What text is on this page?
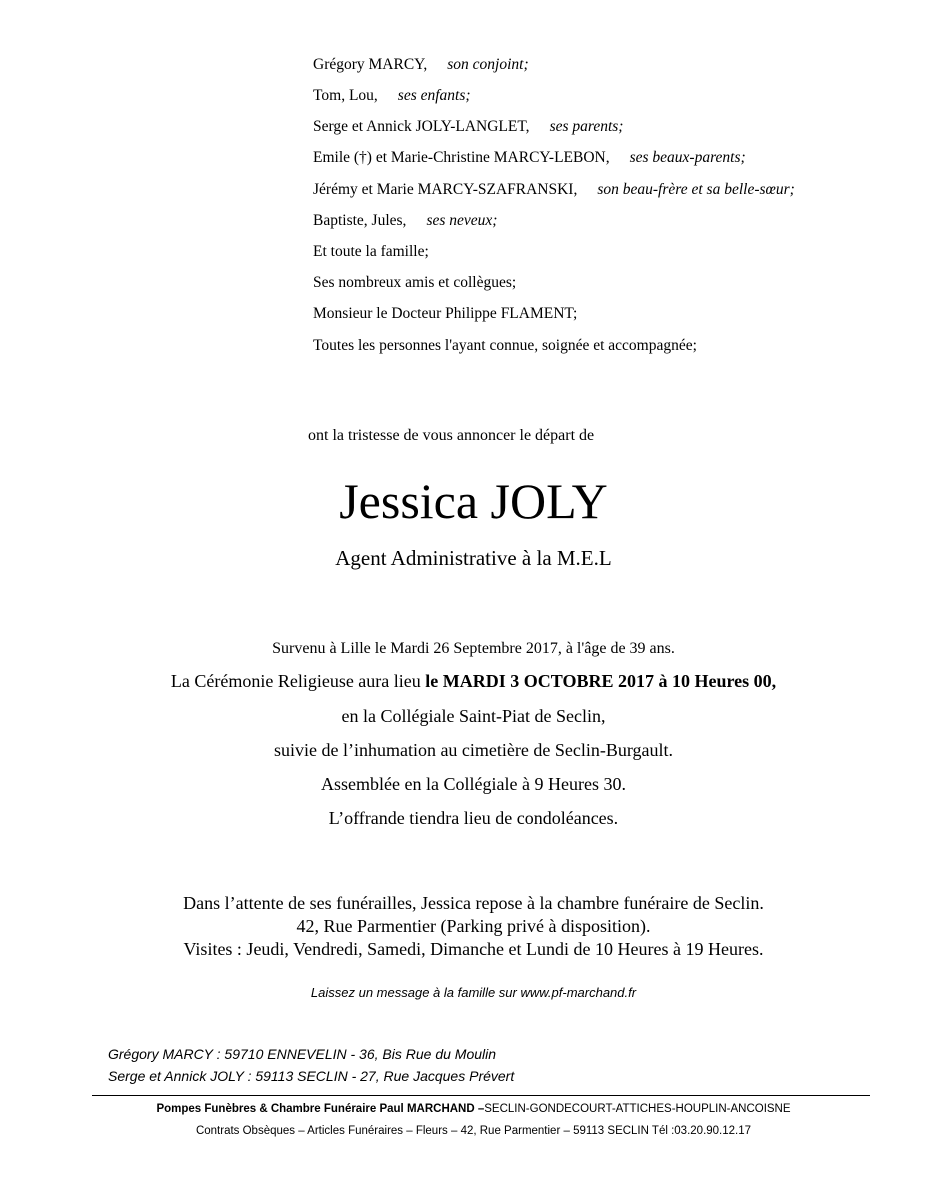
Grégory MARCY, son conjoint;
Tom, Lou, ses enfants;
Serge et Annick JOLY-LANGLET, ses parents;
Emile (†) et Marie-Christine MARCY-LEBON, ses beaux-parents;
Jérémy et Marie MARCY-SZAFRANSKI, son beau-frère et sa belle-sœur;
Baptiste, Jules, ses neveux;
Et toute la famille;
Ses nombreux amis et collègues;
Monsieur le Docteur Philippe FLAMENT;
Toutes les personnes l'ayant connue, soignée et accompagnée;
ont la tristesse de vous annoncer le départ de
Jessica JOLY
Agent Administrative à la M.E.L
Survenu à Lille le Mardi 26 Septembre 2017, à l'âge de 39 ans.
La Cérémonie Religieuse aura lieu le MARDI 3 OCTOBRE 2017 à 10 Heures 00,
en la Collégiale Saint-Piat de Seclin,
suivie de l’inhumation au cimetière de Seclin-Burgault.
Assemblée en la Collégiale à 9 Heures 30.
L’offrande tiendra lieu de condoléances.
Dans l’attente de ses funérailles, Jessica repose à la chambre funéraire de Seclin.
42, Rue Parmentier (Parking privé à disposition).
Visites : Jeudi, Vendredi, Samedi, Dimanche et Lundi de 10 Heures à 19 Heures.
Laissez un message à la famille sur www.pf-marchand.fr
Grégory MARCY : 59710 ENNEVELIN - 36, Bis Rue du Moulin
Serge et Annick JOLY : 59113 SECLIN - 27, Rue Jacques Prévert
Pompes Funèbres & Chambre Funéraire Paul MARCHAND –SECLIN-GONDECOURT-ATTICHES-HOUPLIN-ANCOISNE
Contrats Obsèques – Articles Funéraires – Fleurs – 42, Rue Parmentier – 59113 SECLIN Tél :03.20.90.12.17
